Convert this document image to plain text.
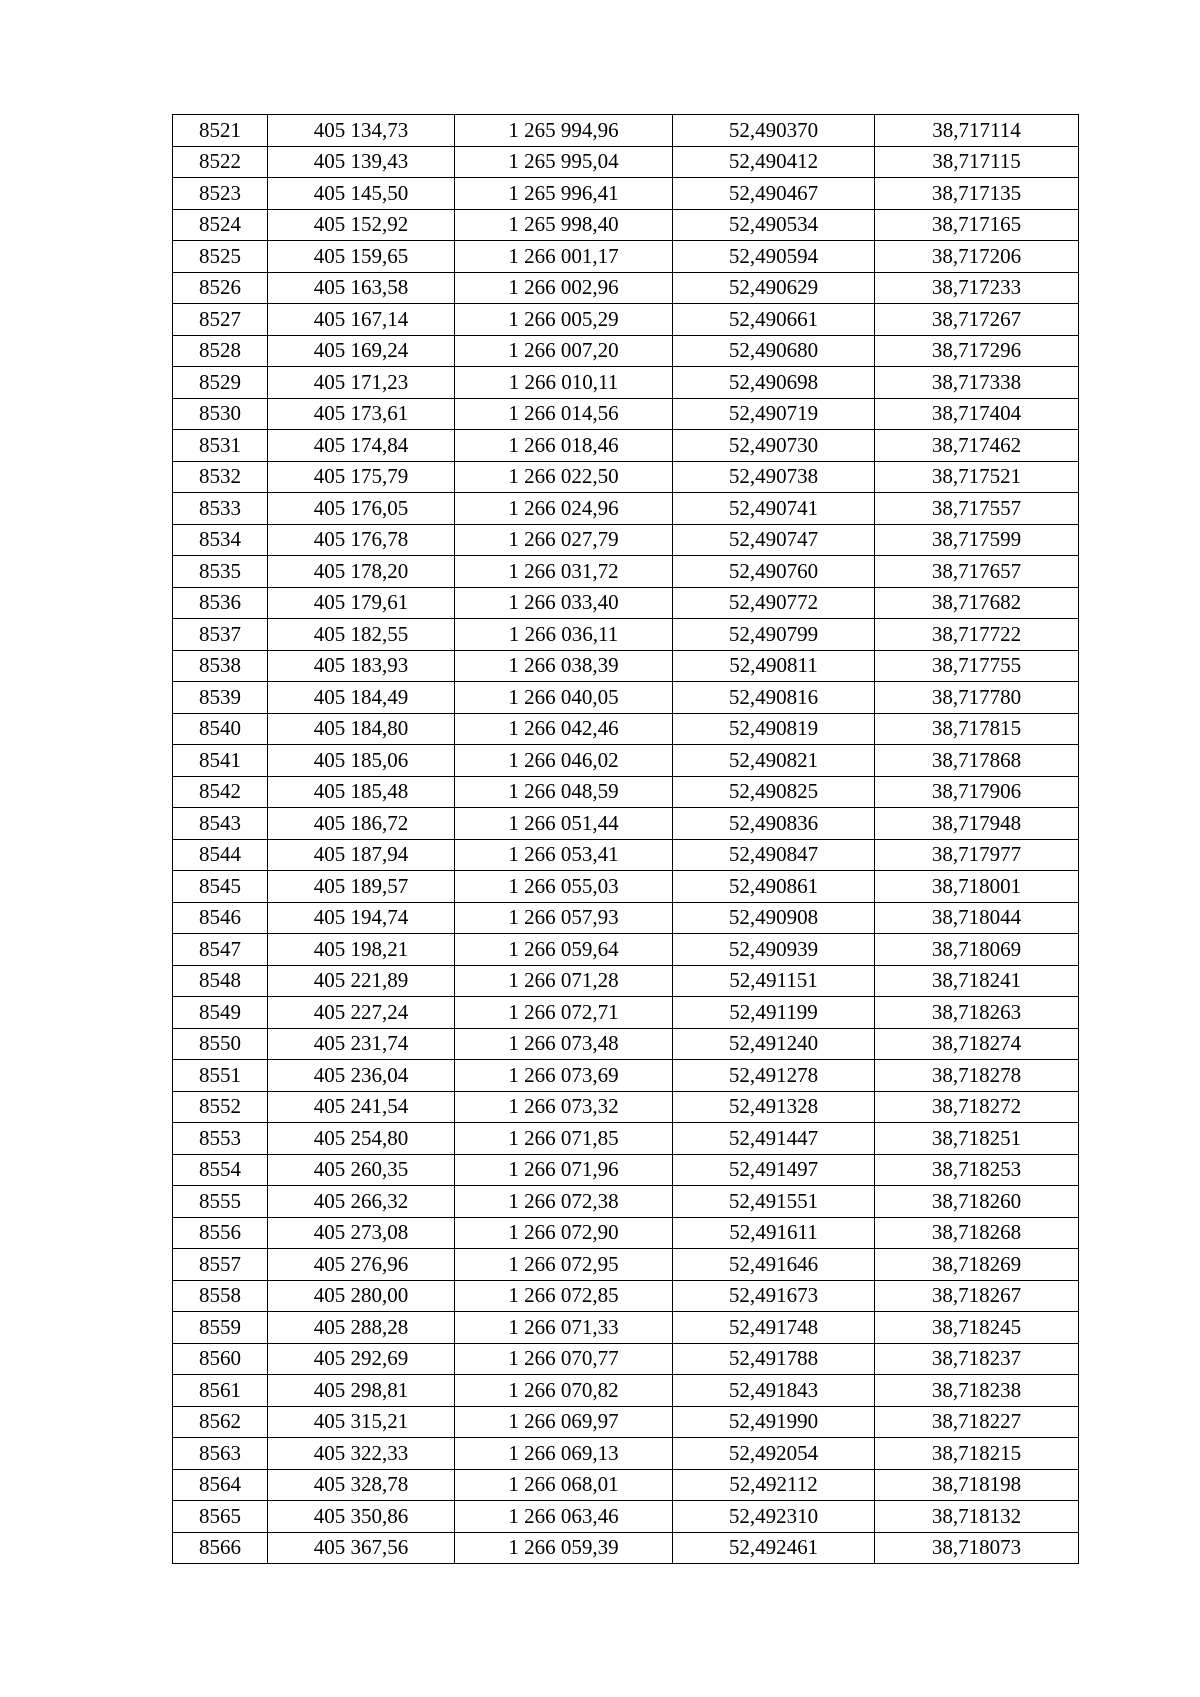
8521	405 134,73	1 265 994,96	52,490370	38,717114
8522	405 139,43	1 265 995,04	52,490412	38,717115
8523	405 145,50	1 265 996,41	52,490467	38,717135
8524	405 152,92	1 265 998,40	52,490534	38,717165
8525	405 159,65	1 266 001,17	52,490594	38,717206
8526	405 163,58	1 266 002,96	52,490629	38,717233
8527	405 167,14	1 266 005,29	52,490661	38,717267
8528	405 169,24	1 266 007,20	52,490680	38,717296
8529	405 171,23	1 266 010,11	52,490698	38,717338
8530	405 173,61	1 266 014,56	52,490719	38,717404
8531	405 174,84	1 266 018,46	52,490730	38,717462
8532	405 175,79	1 266 022,50	52,490738	38,717521
8533	405 176,05	1 266 024,96	52,490741	38,717557
8534	405 176,78	1 266 027,79	52,490747	38,717599
8535	405 178,20	1 266 031,72	52,490760	38,717657
8536	405 179,61	1 266 033,40	52,490772	38,717682
8537	405 182,55	1 266 036,11	52,490799	38,717722
8538	405 183,93	1 266 038,39	52,490811	38,717755
8539	405 184,49	1 266 040,05	52,490816	38,717780
8540	405 184,80	1 266 042,46	52,490819	38,717815
8541	405 185,06	1 266 046,02	52,490821	38,717868
8542	405 185,48	1 266 048,59	52,490825	38,717906
8543	405 186,72	1 266 051,44	52,490836	38,717948
8544	405 187,94	1 266 053,41	52,490847	38,717977
8545	405 189,57	1 266 055,03	52,490861	38,718001
8546	405 194,74	1 266 057,93	52,490908	38,718044
8547	405 198,21	1 266 059,64	52,490939	38,718069
8548	405 221,89	1 266 071,28	52,491151	38,718241
8549	405 227,24	1 266 072,71	52,491199	38,718263
8550	405 231,74	1 266 073,48	52,491240	38,718274
8551	405 236,04	1 266 073,69	52,491278	38,718278
8552	405 241,54	1 266 073,32	52,491328	38,718272
8553	405 254,80	1 266 071,85	52,491447	38,718251
8554	405 260,35	1 266 071,96	52,491497	38,718253
8555	405 266,32	1 266 072,38	52,491551	38,718260
8556	405 273,08	1 266 072,90	52,491611	38,718268
8557	405 276,96	1 266 072,95	52,491646	38,718269
8558	405 280,00	1 266 072,85	52,491673	38,718267
8559	405 288,28	1 266 071,33	52,491748	38,718245
8560	405 292,69	1 266 070,77	52,491788	38,718237
8561	405 298,81	1 266 070,82	52,491843	38,718238
8562	405 315,21	1 266 069,97	52,491990	38,718227
8563	405 322,33	1 266 069,13	52,492054	38,718215
8564	405 328,78	1 266 068,01	52,492112	38,718198
8565	405 350,86	1 266 063,46	52,492310	38,718132
8566	405 367,56	1 266 059,39	52,492461	38,718073
